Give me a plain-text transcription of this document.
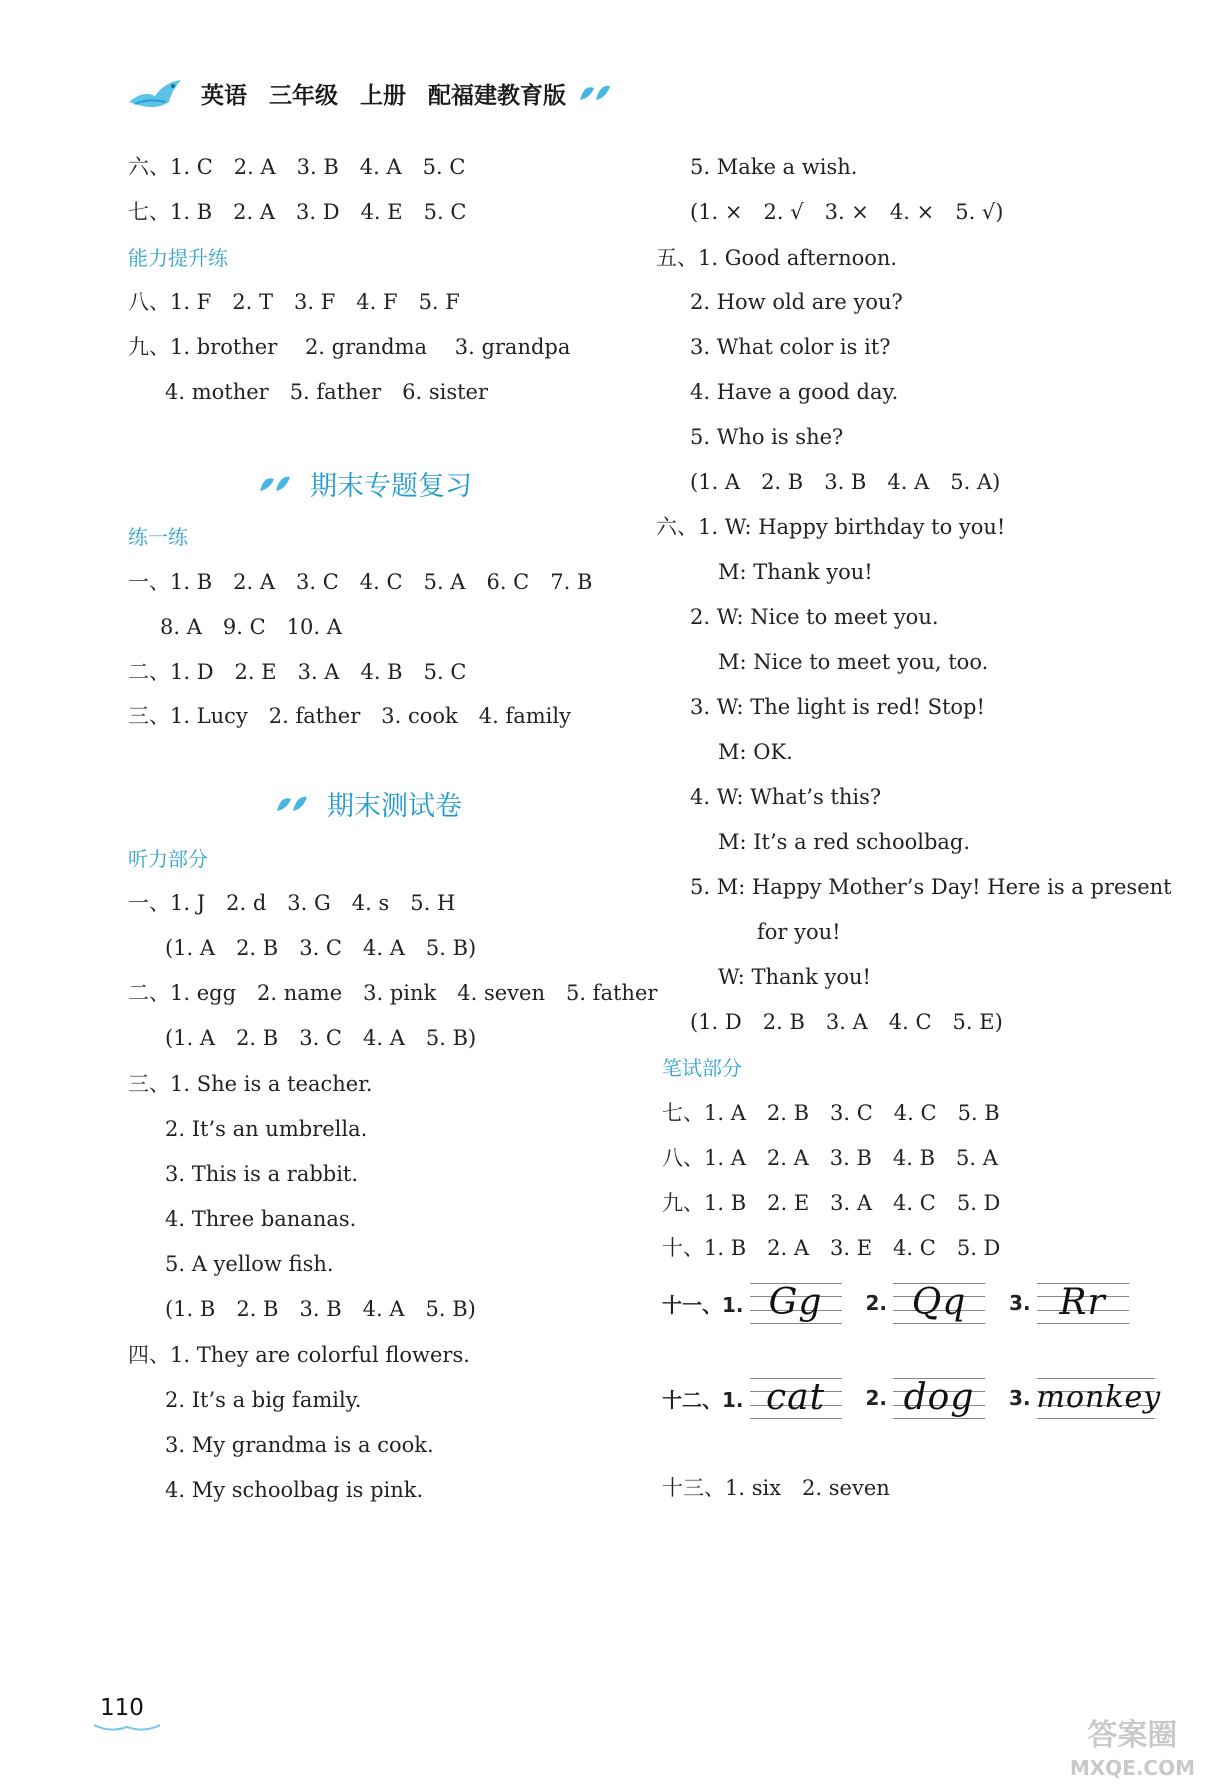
英语 三年级 上册 配福建教育版
六、1. C　2. A　3. B　4. A　5. C
七、1. B　2. A　3. D　4. E　5. C
能力提升练
八、1. F　2. T　3. F　4. F　5. F
九、1. brother　 2. grandma　 3. grandpa
4. mother　5. father　6. sister
练一练
一、1. B　2. A　3. C　4. C　5. A　6. C　7. B
8. A　9. C　10. A
二、1. D　2. E　3. A　4. B　5. C
三、1. Lucy　2. father　3. cook　4. family
听力部分
一、1. J　2. d　3. G　4. s　5. H
(1. A　2. B　3. C　4. A　5. B)
二、1. egg　2. name　3. pink　4. seven　5. father
(1. A　2. B　3. C　4. A　5. B)
三、1. She is a teacher.
2. It’s an umbrella.
3. This is a rabbit.
4. Three bananas.
5. A yellow fish.
(1. B　2. B　3. B　4. A　5. B)
四、1. They are colorful flowers.
2. It’s a big family.
3. My grandma is a cook.
4. My schoolbag is pink.
5. Make a wish.
(1. ×　2. √　3. ×　4. ×　5. √)
五、1. Good afternoon.
2. How old are you?
3. What color is it?
4. Have a good day.
5. Who is she?
(1. A　2. B　3. B　4. A　5. A)
六、1. W: Happy birthday to you!
M: Thank you!
2. W: Nice to meet you.
M: Nice to meet you, too.
3. W: The light is red! Stop!
M: OK.
4. W: What’s this?
M: It’s a red schoolbag.
5. M: Happy Mother’s Day! Here is a present
for you!
W: Thank you!
(1. D　2. B　3. A　4. C　5. E)
笔试部分
七、1. A　2. B　3. C　4. C　5. B
八、1. A　2. A　3. B　4. B　5. A
九、1. B　2. E　3. A　4. C　5. D
十、1. B　2. A　3. E　4. C　5. D
十三、1. six　2. seven
期末专题复习
期末测试卷
十一、1. Gg	2. Qq	3. Rr
十二、1. cat	2. dog	3. monkey
110
答案圈
MXQE.COM
